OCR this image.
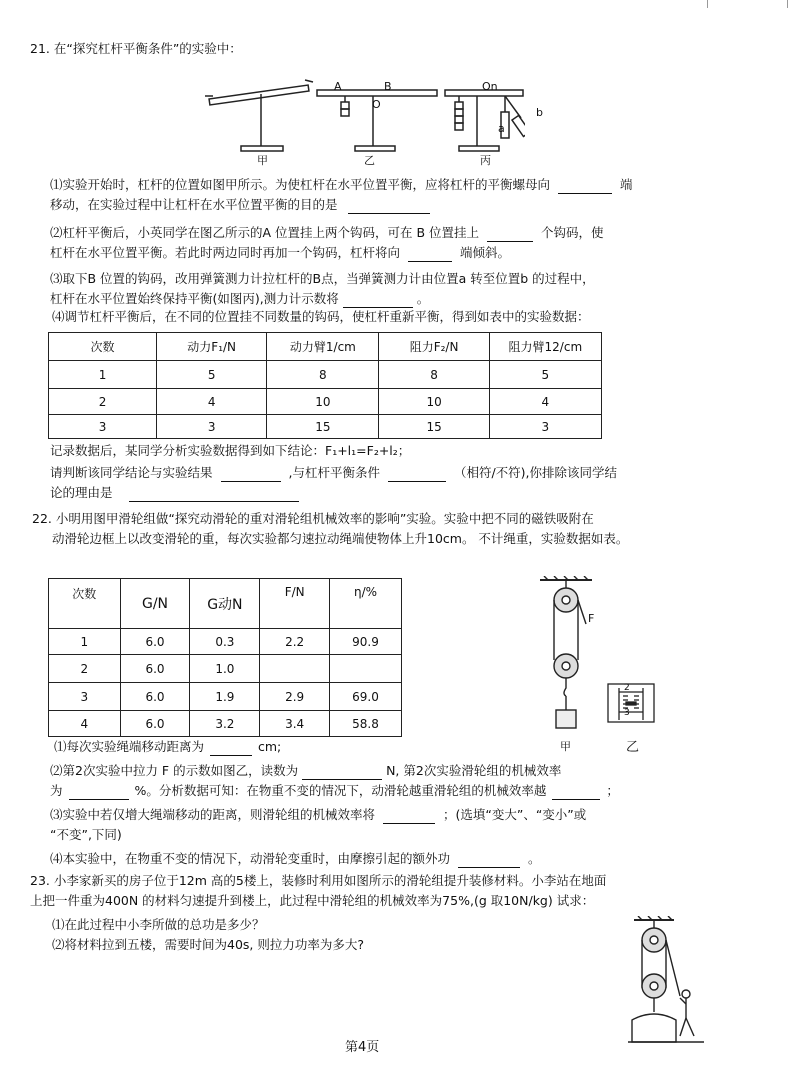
21. 在“探究杠杆平衡条件”的实验中：
A	B
O
On
a
b
甲	乙	丙
⑴实验开始时，杠杆的位置如图甲所示。为使杠杆在水平位置平衡，应将杠杆的平衡螺母向	端
移动，在实验过程中让杠杆在水平位置平衡的目的是
⑵杠杆平衡后，小英同学在图乙所示的A 位置挂上两个钩码，可在 B 位置挂上	个钩码，使
杠杆在水平位置平衡。若此时两边同时再加一个钩码，杠杆将向	端倾斜。
⑶取下B 位置的钩码，改用弹簧测力计拉杠杆的B点，当弹簧测力计由位置a 转至位置b 的过程中，
杠杆在水平位置始终保持平衡(如图丙),测力计示数将	。
⑷调节杠杆平衡后，在不同的位置挂不同数量的钩码，使杠杆重新平衡，得到如表中的实验数据：
次数	动力F₁/N	动力臂1/cm	阻力F₂/N	阻力臂12/cm
1	5	8	8	5
2	4	10	10	4
3	3	15	15	3
记录数据后，某同学分析实验数据得到如下结论：F₁+l₁=F₂+l₂；
请判断该同学结论与实验结果	,与杠杆平衡条件	（相符/不符),你排除该同学结
论的理由是
22. 小明用图甲滑轮组做“探究动滑轮的重对滑轮组机械效率的影响”实验。实验中把不同的磁铁吸附在
动滑轮边框上以改变滑轮的重，每次实验都匀速拉动绳端使物体上升10cm。 不计绳重，实验数据如表。
次数	G/N	G动N	F/N	η/%
1	6.0	0.3	2.2	90.9
2	6.0	1.0		
3	6.0	1.9	2.9	69.0
4	6.0	3.2	3.4	58.8
F
甲
2
3
乙
⑴每次实验绳端移动距离为	cm;
⑵第2次实验中拉力 F 的示数如图乙，读数为	N, 第2次实验滑轮组的机械效率
为	%。分析数据可知：在物重不变的情况下，动滑轮越重滑轮组的机械效率越	；
⑶实验中若仅增大绳端移动的距离，则滑轮组的机械效率将	；(选填“变大”、“变小”或
“不变”,下同)
⑷本实验中，在物重不变的情况下，动滑轮变重时，由摩擦引起的额外功	。
23. 小李家新买的房子位于12m 高的5楼上，装修时利用如图所示的滑轮组提升装修材料。小李站在地面
上把一件重为400N 的材料匀速提升到楼上，此过程中滑轮组的机械效率为75%,(g 取10N/kg) 试求：
⑴在此过程中小李所做的总功是多少？
⑵将材料拉到五楼，需要时间为40s, 则拉力功率为多大?
第4页
